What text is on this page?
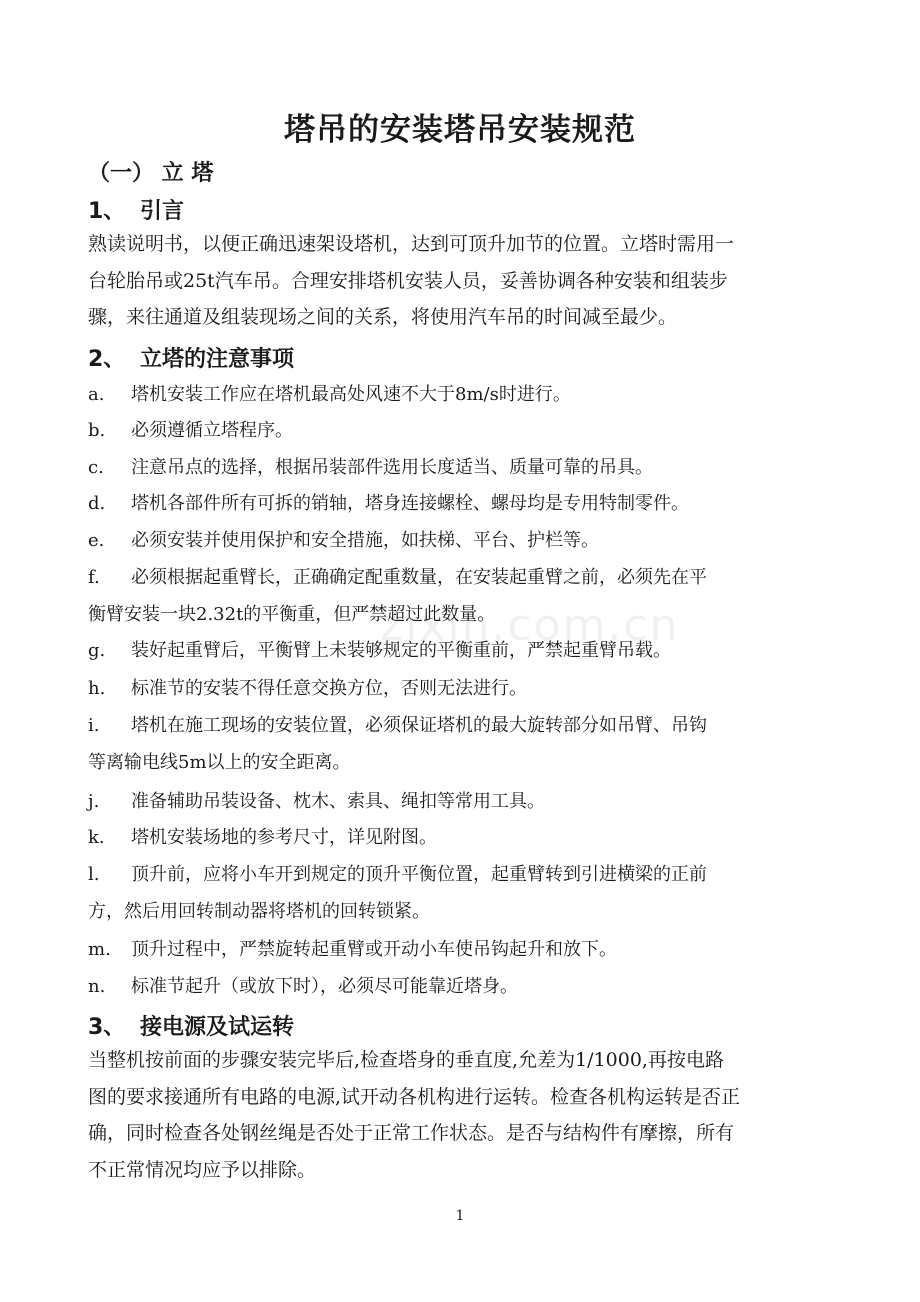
zixin.com.cn
塔吊的安装塔吊安装规范
（一） 立 塔
1、 引言
熟读说明书，以便正确迅速架设塔机，达到可顶升加节的位置。立塔时需用一
台轮胎吊或25t汽车吊。合理安排塔机安装人员，妥善协调各种安装和组装步
骤，来往通道及组装现场之间的关系，将使用汽车吊的时间减至最少。
2、 立塔的注意事项
a. 塔机安装工作应在塔机最高处风速不大于8m/s时进行。
b. 必须遵循立塔程序。
c. 注意吊点的选择，根据吊装部件选用长度适当、质量可靠的吊具。
d. 塔机各部件所有可拆的销轴，塔身连接螺栓、螺母均是专用特制零件。
e. 必须安装并使用保护和安全措施，如扶梯、平台、护栏等。
f. 必须根据起重臂长，正确确定配重数量，在安装起重臂之前，必须先在平
衡臂安装一块2.32t的平衡重，但严禁超过此数量。
g. 装好起重臂后，平衡臂上未装够规定的平衡重前，严禁起重臂吊载。
h. 标准节的安装不得任意交换方位，否则无法进行。
i. 塔机在施工现场的安装位置，必须保证塔机的最大旋转部分如吊臂、吊钩
等离输电线5m以上的安全距离。
j. 准备辅助吊装设备、枕木、索具、绳扣等常用工具。
k. 塔机安装场地的参考尺寸，详见附图。
l. 顶升前，应将小车开到规定的顶升平衡位置，起重臂转到引进横梁的正前
方，然后用回转制动器将塔机的回转锁紧。
m. 顶升过程中，严禁旋转起重臂或开动小车使吊钩起升和放下。
n. 标准节起升（或放下时），必须尽可能靠近塔身。
3、 接电源及试运转
当整机按前面的步骤安装完毕后,检查塔身的垂直度,允差为1/1000,再按电路
图的要求接通所有电路的电源,试开动各机构进行运转。检查各机构运转是否正
确，同时检查各处钢丝绳是否处于正常工作状态。是否与结构件有摩擦，所有
不正常情况均应予以排除。
1
